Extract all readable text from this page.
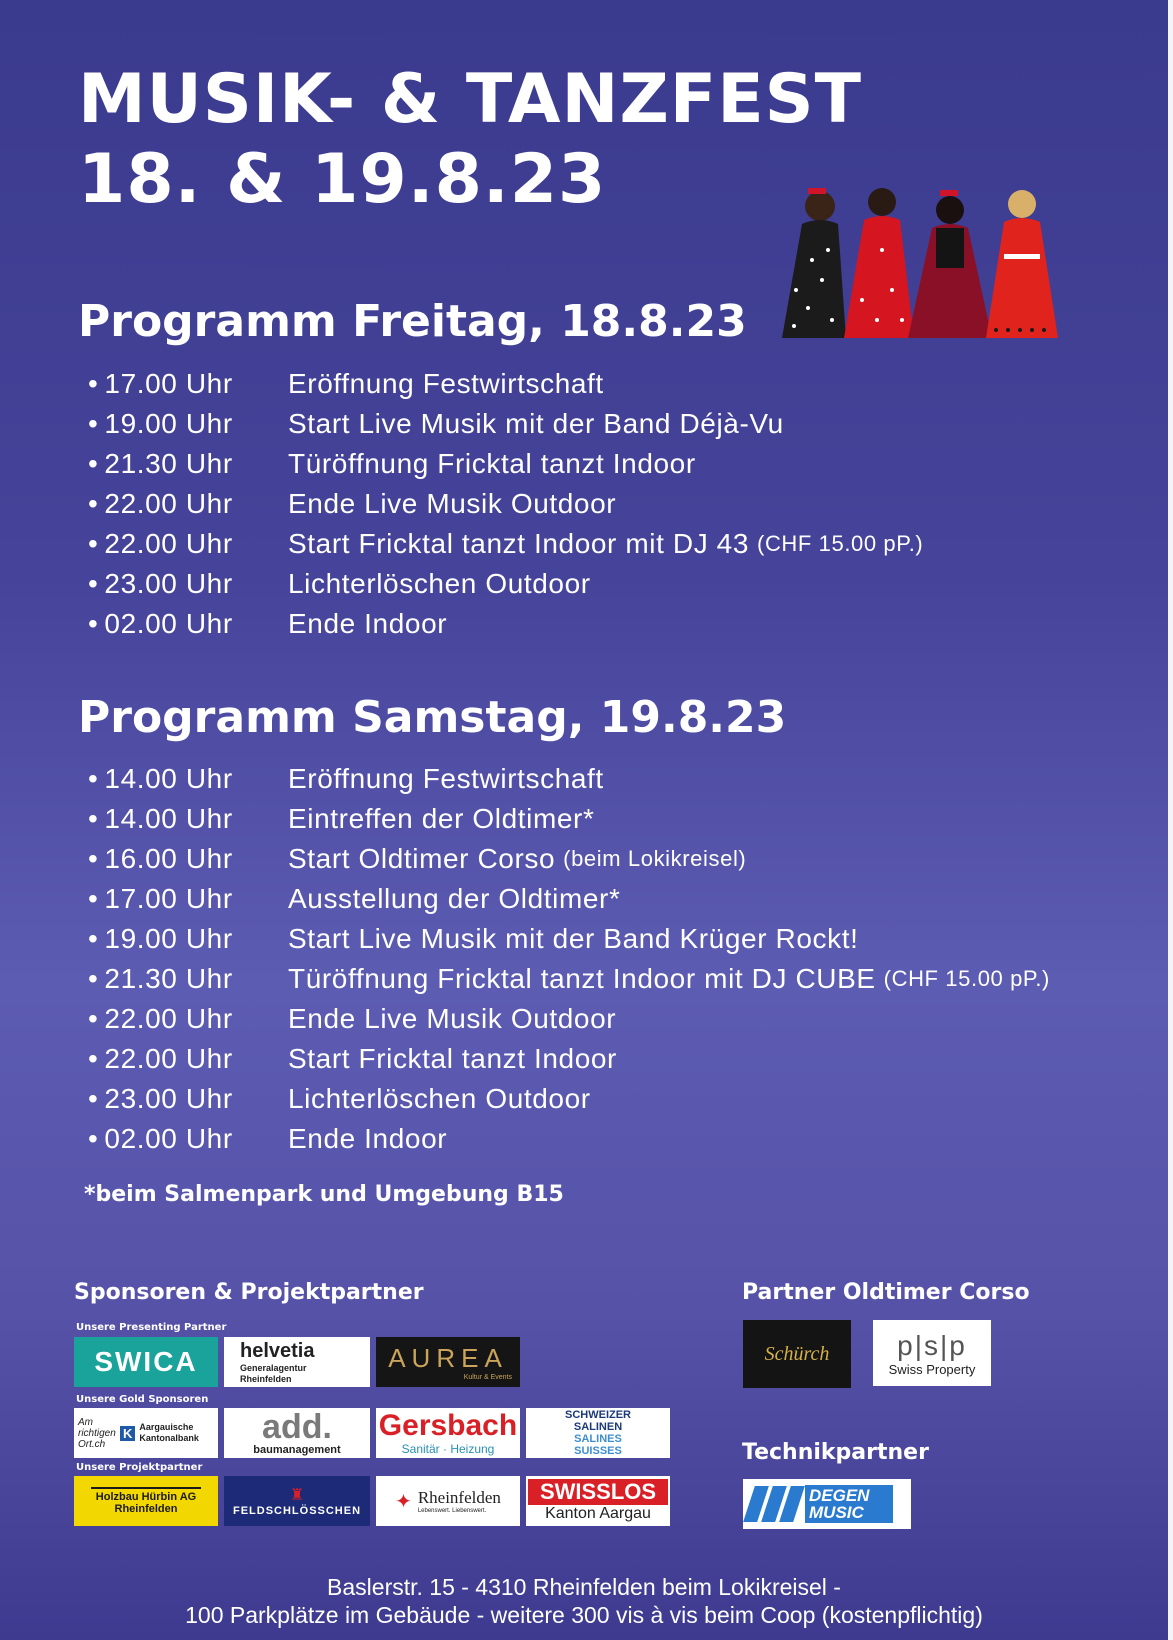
MUSIK- & TANZFEST
18. & 19.8.23
Programm Freitag, 18.8.23
• 17.00 Uhr	Eröffnung Festwirtschaft
• 19.00 Uhr	Start Live Musik mit der Band Déjà-Vu
• 21.30 Uhr	Türöffnung Fricktal tanzt Indoor
• 22.00 Uhr	Ende Live Musik Outdoor
• 22.00 Uhr	Start Fricktal tanzt Indoor mit DJ 43 (CHF 15.00 pP.)
• 23.00 Uhr	Lichterlöschen Outdoor
• 02.00 Uhr	Ende Indoor
Programm Samstag, 19.8.23
• 14.00 Uhr	Eröffnung Festwirtschaft
• 14.00 Uhr	Eintreffen der Oldtimer*
• 16.00 Uhr	Start Oldtimer Corso (beim Lokikreisel)
• 17.00 Uhr	Ausstellung der Oldtimer*
• 19.00 Uhr	Start Live Musik mit der Band Krüger Rockt!
• 21.30 Uhr	Türöffnung Fricktal tanzt Indoor mit DJ CUBE (CHF 15.00 pP.)
• 22.00 Uhr	Ende Live Musik Outdoor
• 22.00 Uhr	Start Fricktal tanzt Indoor
• 23.00 Uhr	Lichterlöschen Outdoor
• 02.00 Uhr	Ende Indoor
*beim Salmenpark und Umgebung B15
Sponsoren & Projektpartner
Unsere Presenting Partner
Unsere Gold Sponsoren
Unsere Projektpartner
SWICA helvetia
Generalagentur Rheinfelden
AUREA
Kultur & Events
Am richtigen Ort.ch
K Aargauische Kantonalbank	add.
baumanagement
Gersbach
Sanitär · Heizung
SCHWEIZER SALINEN
SALINES SUISSES
Holzbau Hürbin AG Rheinfelden
♜
FELDSCHLÖSSCHEN ✦ Rheinfelden
Lebenswert. Liebenswert.
SWISSLOS
Kanton Aargau
Partner Oldtimer Corso
Schürch p|s|p
Swiss Property
Technikpartner
DEGEN MUSIC
Baslerstr. 15 - 4310 Rheinfelden beim Lokikreisel -
100 Parkplätze im Gebäude - weitere 300 vis à vis beim Coop (kostenpflichtig)
